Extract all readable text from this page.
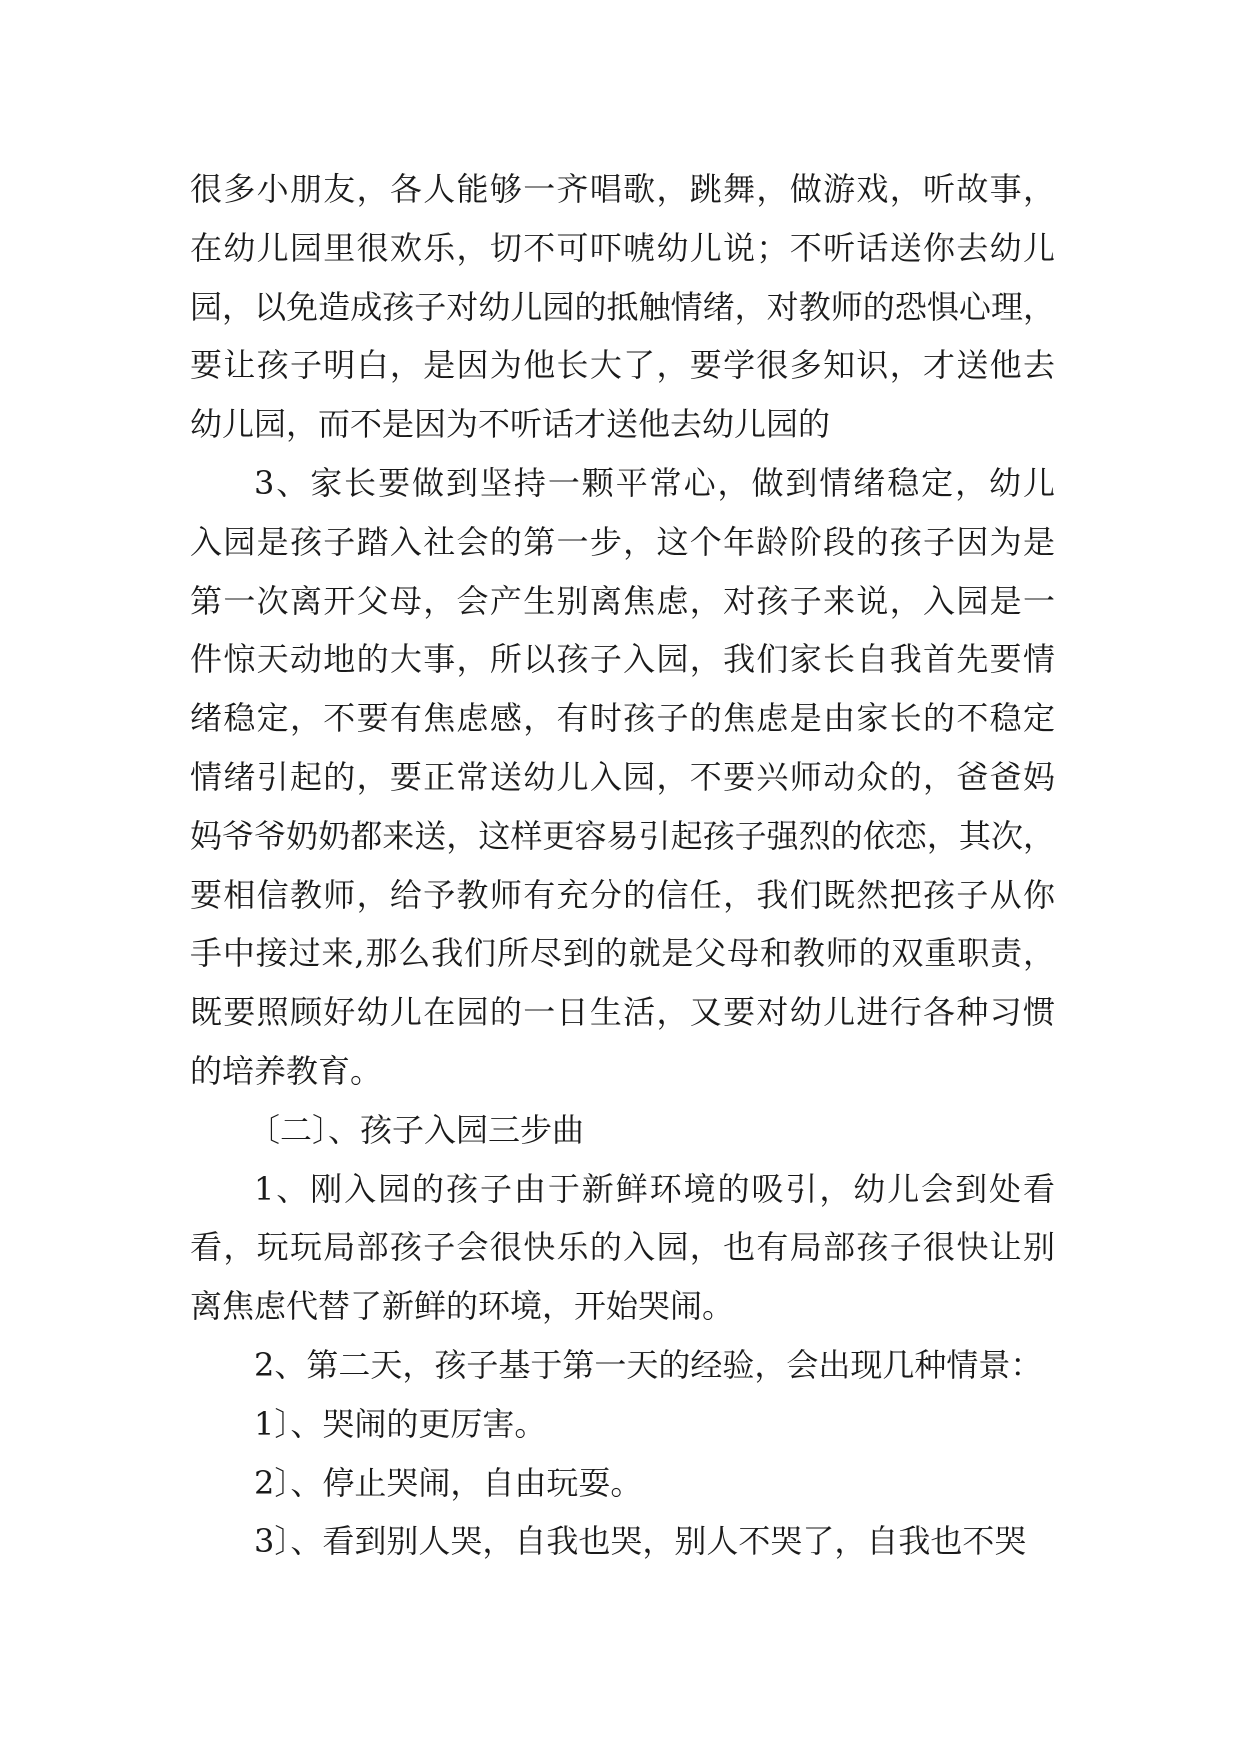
很多小朋友，各人能够一齐唱歌，跳舞，做游戏，听故事，
在幼儿园里很欢乐，切不可吓唬幼儿说；不听话送你去幼儿
园，以免造成孩子对幼儿园的抵触情绪，对教师的恐惧心理，
要让孩子明白，是因为他长大了，要学很多知识，才送他去
幼儿园，而不是因为不听话才送他去幼儿园的
3、家长要做到坚持一颗平常心，做到情绪稳定，幼儿
入园是孩子踏入社会的第一步，这个年龄阶段的孩子因为是
第一次离开父母，会产生别离焦虑，对孩子来说，入园是一
件惊天动地的大事，所以孩子入园，我们家长自我首先要情
绪稳定，不要有焦虑感，有时孩子的焦虑是由家长的不稳定
情绪引起的，要正常送幼儿入园，不要兴师动众的，爸爸妈
妈爷爷奶奶都来送，这样更容易引起孩子强烈的依恋，其次，
要相信教师，给予教师有充分的信任，我们既然把孩子从你
手中接过来,那么我们所尽到的就是父母和教师的双重职责，
既要照顾好幼儿在园的一日生活，又要对幼儿进行各种习惯
的培养教育。
〔二〕、孩子入园三步曲
1、刚入园的孩子由于新鲜环境的吸引，幼儿会到处看
看，玩玩局部孩子会很快乐的入园，也有局部孩子很快让别
离焦虑代替了新鲜的环境，开始哭闹。
2、第二天，孩子基于第一天的经验，会出现几种情景：
1〕、哭闹的更厉害。
2〕、停止哭闹，自由玩耍。
3〕、看到别人哭，自我也哭，别人不哭了，自我也不哭
